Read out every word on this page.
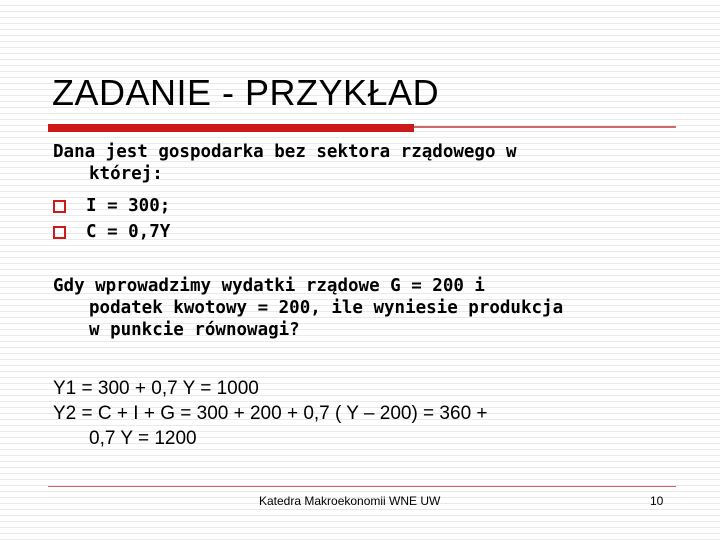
ZADANIE - PRZYKŁAD
Dana jest gospodarka bez sektora rządowego w
której:
I = 300;
C = 0,7Y
Gdy wprowadzimy wydatki rządowe G = 200 i
podatek kwotowy = 200, ile wyniesie produkcja
w punkcie równowagi?
Y1 = 300 + 0,7 Y = 1000
Y2 = C + I + G = 300 + 200 + 0,7 ( Y – 200) = 360 +
0,7 Y = 1200
Katedra Makroekonomii WNE UW	10
